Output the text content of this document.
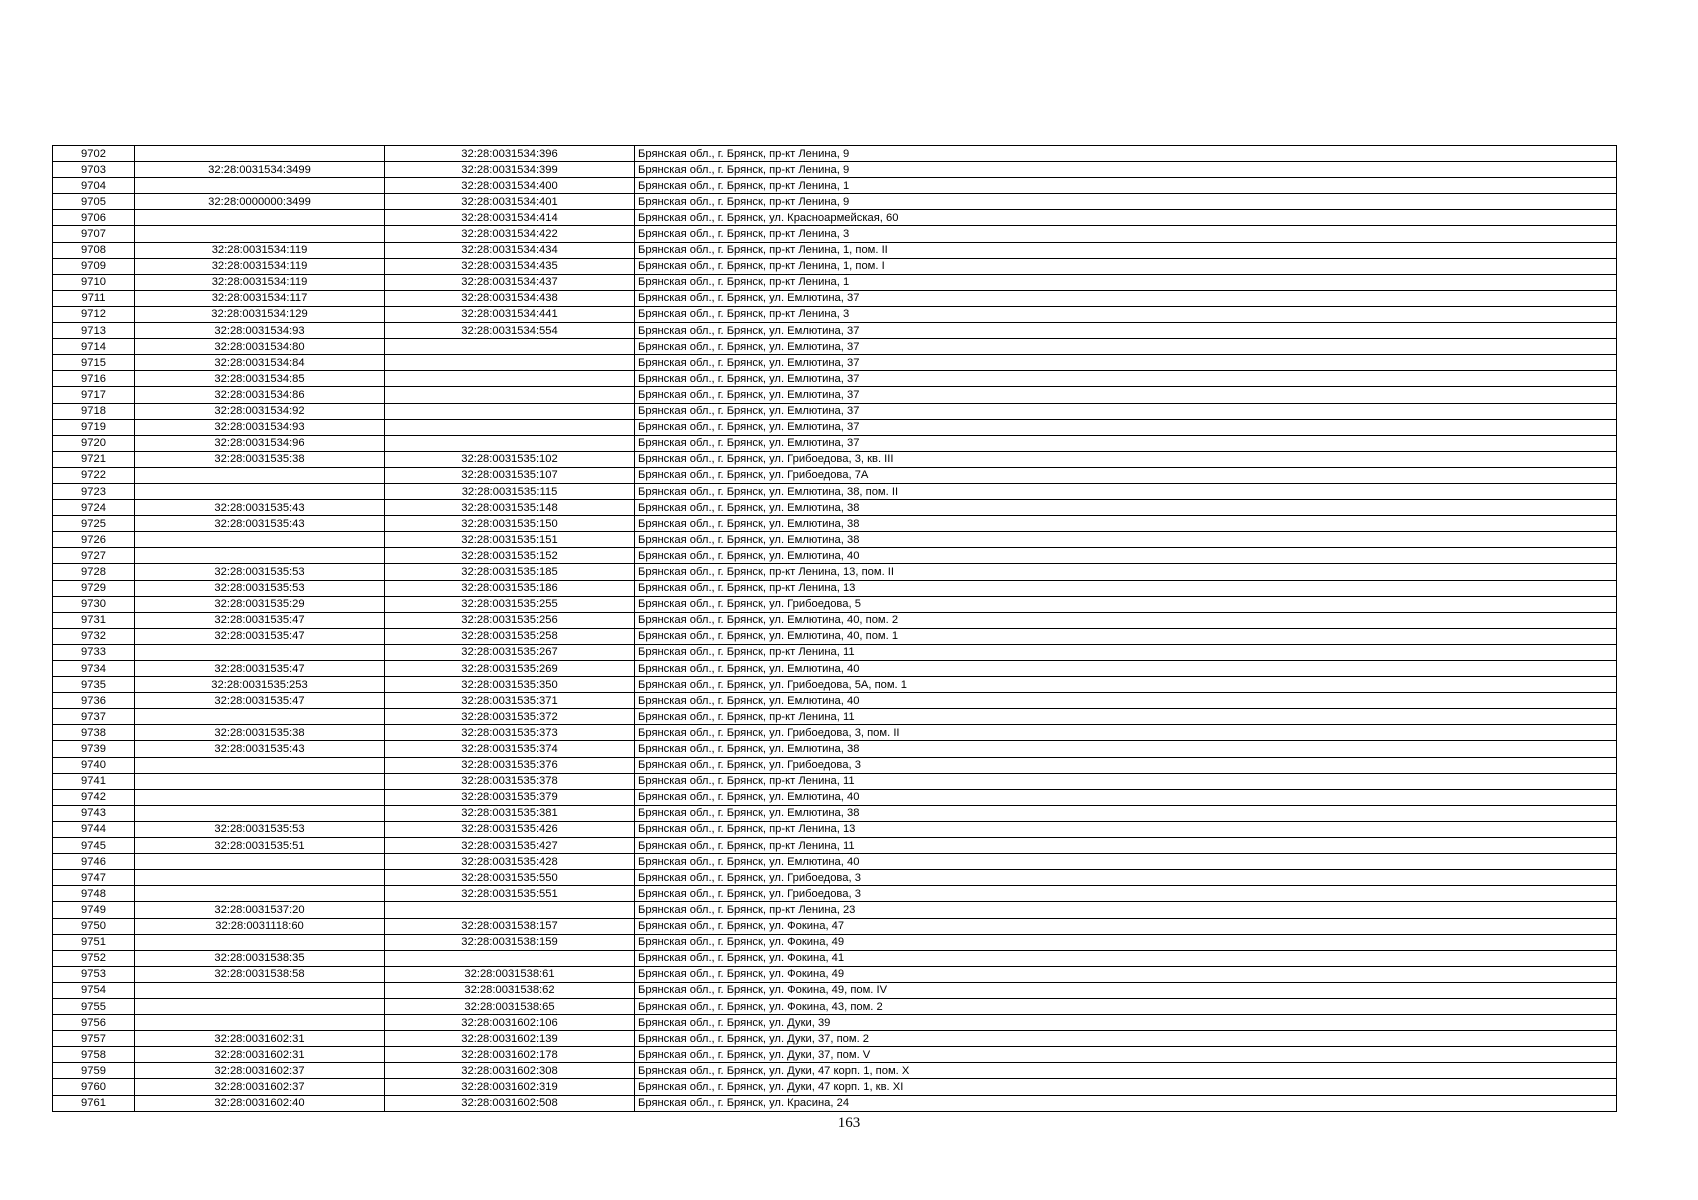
9702		32:28:0031534:396	Брянская обл., г. Брянск, пр-кт Ленина, 9
9703	32:28:0031534:3499	32:28:0031534:399	Брянская обл., г. Брянск, пр-кт Ленина, 9
9704		32:28:0031534:400	Брянская обл., г. Брянск, пр-кт Ленина, 1
9705	32:28:0000000:3499	32:28:0031534:401	Брянская обл., г. Брянск, пр-кт Ленина, 9
9706		32:28:0031534:414	Брянская обл., г. Брянск, ул. Красноармейская, 60
9707		32:28:0031534:422	Брянская обл., г. Брянск, пр-кт Ленина, 3
9708	32:28:0031534:119	32:28:0031534:434	Брянская обл., г. Брянск, пр-кт Ленина, 1, пом. II
9709	32:28:0031534:119	32:28:0031534:435	Брянская обл., г. Брянск, пр-кт Ленина, 1, пом. I
9710	32:28:0031534:119	32:28:0031534:437	Брянская обл., г. Брянск, пр-кт Ленина, 1
9711	32:28:0031534:117	32:28:0031534:438	Брянская обл., г. Брянск, ул. Емлютина, 37
9712	32:28:0031534:129	32:28:0031534:441	Брянская обл., г. Брянск, пр-кт Ленина, 3
9713	32:28:0031534:93	32:28:0031534:554	Брянская обл., г. Брянск, ул. Емлютина, 37
9714	32:28:0031534:80		Брянская обл., г. Брянск, ул. Емлютина, 37
9715	32:28:0031534:84		Брянская обл., г. Брянск, ул. Емлютина, 37
9716	32:28:0031534:85		Брянская обл., г. Брянск, ул. Емлютина, 37
9717	32:28:0031534:86		Брянская обл., г. Брянск, ул. Емлютина, 37
9718	32:28:0031534:92		Брянская обл., г. Брянск, ул. Емлютина, 37
9719	32:28:0031534:93		Брянская обл., г. Брянск, ул. Емлютина, 37
9720	32:28:0031534:96		Брянская обл., г. Брянск, ул. Емлютина, 37
9721	32:28:0031535:38	32:28:0031535:102	Брянская обл., г. Брянск, ул. Грибоедова, 3, кв. III
9722		32:28:0031535:107	Брянская обл., г. Брянск, ул. Грибоедова, 7А
9723		32:28:0031535:115	Брянская обл., г. Брянск, ул. Емлютина, 38, пом. II
9724	32:28:0031535:43	32:28:0031535:148	Брянская обл., г. Брянск, ул. Емлютина, 38
9725	32:28:0031535:43	32:28:0031535:150	Брянская обл., г. Брянск, ул. Емлютина, 38
9726		32:28:0031535:151	Брянская обл., г. Брянск, ул. Емлютина, 38
9727		32:28:0031535:152	Брянская обл., г. Брянск, ул. Емлютина, 40
9728	32:28:0031535:53	32:28:0031535:185	Брянская обл., г. Брянск, пр-кт Ленина, 13, пом. II
9729	32:28:0031535:53	32:28:0031535:186	Брянская обл., г. Брянск, пр-кт Ленина, 13
9730	32:28:0031535:29	32:28:0031535:255	Брянская обл., г. Брянск, ул. Грибоедова, 5
9731	32:28:0031535:47	32:28:0031535:256	Брянская обл., г. Брянск, ул. Емлютина, 40, пом. 2
9732	32:28:0031535:47	32:28:0031535:258	Брянская обл., г. Брянск, ул. Емлютина, 40, пом. 1
9733		32:28:0031535:267	Брянская обл., г. Брянск, пр-кт Ленина, 11
9734	32:28:0031535:47	32:28:0031535:269	Брянская обл., г. Брянск, ул. Емлютина, 40
9735	32:28:0031535:253	32:28:0031535:350	Брянская обл., г. Брянск, ул. Грибоедова, 5А, пом. 1
9736	32:28:0031535:47	32:28:0031535:371	Брянская обл., г. Брянск, ул. Емлютина, 40
9737		32:28:0031535:372	Брянская обл., г. Брянск, пр-кт Ленина, 11
9738	32:28:0031535:38	32:28:0031535:373	Брянская обл., г. Брянск, ул. Грибоедова, 3, пом. II
9739	32:28:0031535:43	32:28:0031535:374	Брянская обл., г. Брянск, ул. Емлютина, 38
9740		32:28:0031535:376	Брянская обл., г. Брянск, ул. Грибоедова, 3
9741		32:28:0031535:378	Брянская обл., г. Брянск, пр-кт Ленина, 11
9742		32:28:0031535:379	Брянская обл., г. Брянск, ул. Емлютина, 40
9743		32:28:0031535:381	Брянская обл., г. Брянск, ул. Емлютина, 38
9744	32:28:0031535:53	32:28:0031535:426	Брянская обл., г. Брянск, пр-кт Ленина, 13
9745	32:28:0031535:51	32:28:0031535:427	Брянская обл., г. Брянск, пр-кт Ленина, 11
9746		32:28:0031535:428	Брянская обл., г. Брянск, ул. Емлютина, 40
9747		32:28:0031535:550	Брянская обл., г. Брянск, ул. Грибоедова, 3
9748		32:28:0031535:551	Брянская обл., г. Брянск, ул. Грибоедова, 3
9749	32:28:0031537:20		Брянская обл., г. Брянск, пр-кт Ленина, 23
9750	32:28:0031118:60	32:28:0031538:157	Брянская обл., г. Брянск, ул. Фокина, 47
9751		32:28:0031538:159	Брянская обл., г. Брянск, ул. Фокина, 49
9752	32:28:0031538:35		Брянская обл., г. Брянск, ул. Фокина, 41
9753	32:28:0031538:58	32:28:0031538:61	Брянская обл., г. Брянск, ул. Фокина, 49
9754		32:28:0031538:62	Брянская обл., г. Брянск, ул. Фокина, 49, пом. IV
9755		32:28:0031538:65	Брянская обл., г. Брянск, ул. Фокина, 43, пом. 2
9756		32:28:0031602:106	Брянская обл., г. Брянск, ул. Дуки, 39
9757	32:28:0031602:31	32:28:0031602:139	Брянская обл., г. Брянск, ул. Дуки, 37, пом. 2
9758	32:28:0031602:31	32:28:0031602:178	Брянская обл., г. Брянск, ул. Дуки, 37, пом. V
9759	32:28:0031602:37	32:28:0031602:308	Брянская обл., г. Брянск, ул. Дуки, 47 корп. 1, пом. X
9760	32:28:0031602:37	32:28:0031602:319	Брянская обл., г. Брянск, ул. Дуки, 47 корп. 1, кв. XI
9761	32:28:0031602:40	32:28:0031602:508	Брянская обл., г. Брянск, ул. Красина, 24
163
